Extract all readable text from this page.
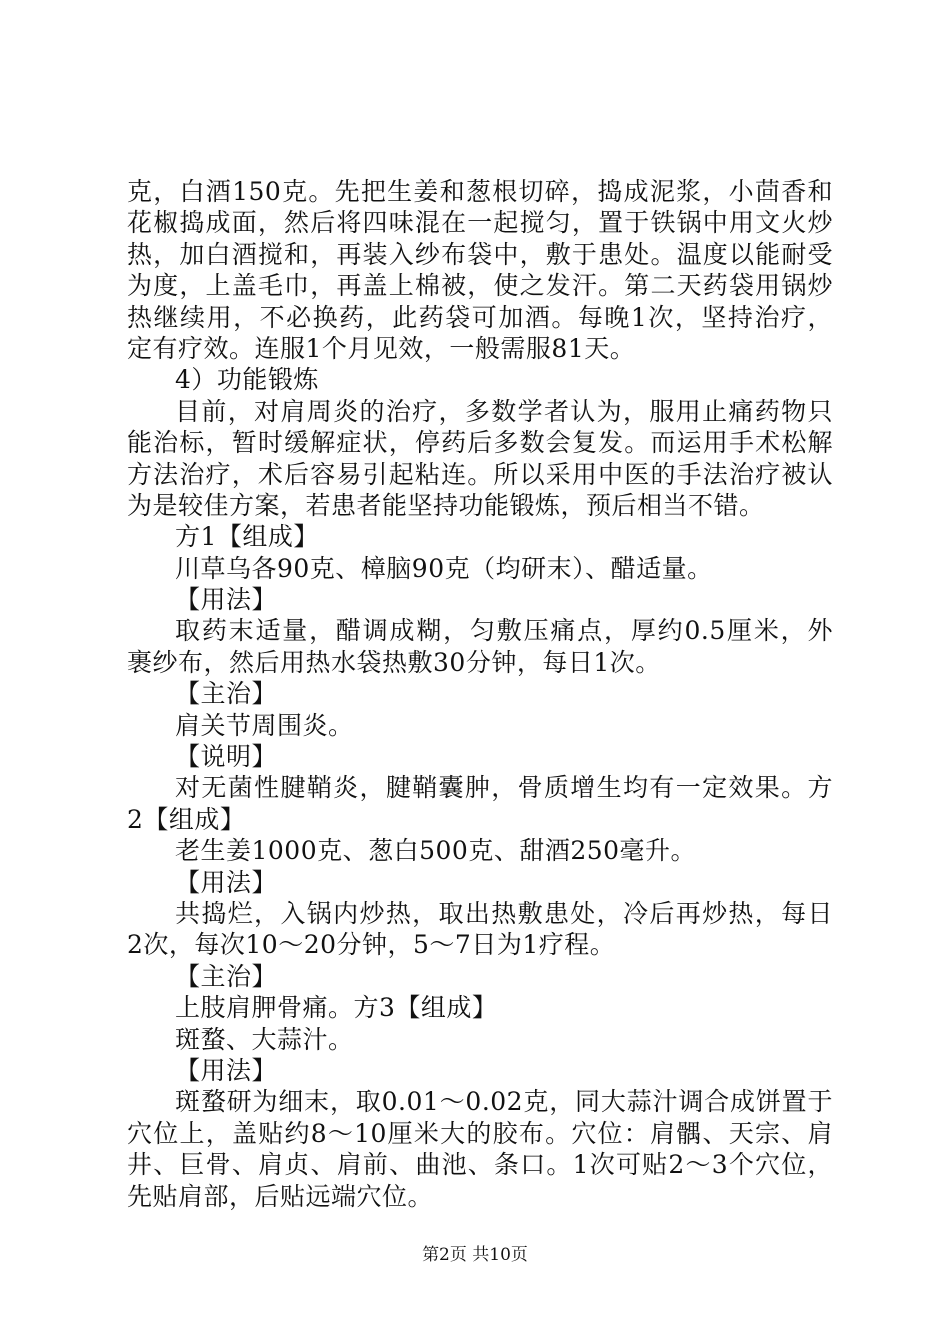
克，白酒150克。先把生姜和葱根切碎，捣成泥浆，小茴香和
花椒捣成面，然后将四味混在一起搅匀，置于铁锅中用文火炒
热，加白酒搅和，再装入纱布袋中，敷于患处。温度以能耐受
为度，上盖毛巾，再盖上棉被，使之发汗。第二天药袋用锅炒
热继续用，不必换药，此药袋可加酒。每晚1次，坚持治疗，
定有疗效。连服1个月见效，一般需服81天。
4）功能锻炼
目前，对肩周炎的治疗，多数学者认为，服用止痛药物只
能治标，暂时缓解症状，停药后多数会复发。而运用手术松解
方法治疗，术后容易引起粘连。所以采用中医的手法治疗被认
为是较佳方案，若患者能坚持功能锻炼，预后相当不错。
方1【组成】
川草乌各90克、樟脑90克（均研末）、醋适量。
【用法】
取药末适量，醋调成糊，匀敷压痛点，厚约0.5厘米，外
裹纱布，然后用热水袋热敷30分钟，每日1次。
【主治】
肩关节周围炎。
【说明】
对无菌性腱鞘炎，腱鞘囊肿，骨质增生均有一定效果。方
2【组成】
老生姜1000克、葱白500克、甜酒250毫升。
【用法】
共捣烂，入锅内炒热，取出热敷患处，冷后再炒热，每日
2次，每次10～20分钟，5～7日为1疗程。
【主治】
上肢肩胛骨痛。方3【组成】
斑蝥、大蒜汁。
【用法】
斑蝥研为细末，取0.01～0.02克，同大蒜汁调合成饼置于
穴位上，盖贴约8～10厘米大的胶布。穴位：肩髃、天宗、肩
井、巨骨、肩贞、肩前、曲池、条口。1次可贴2～3个穴位，
先贴肩部，后贴远端穴位。
第2页 共10页
